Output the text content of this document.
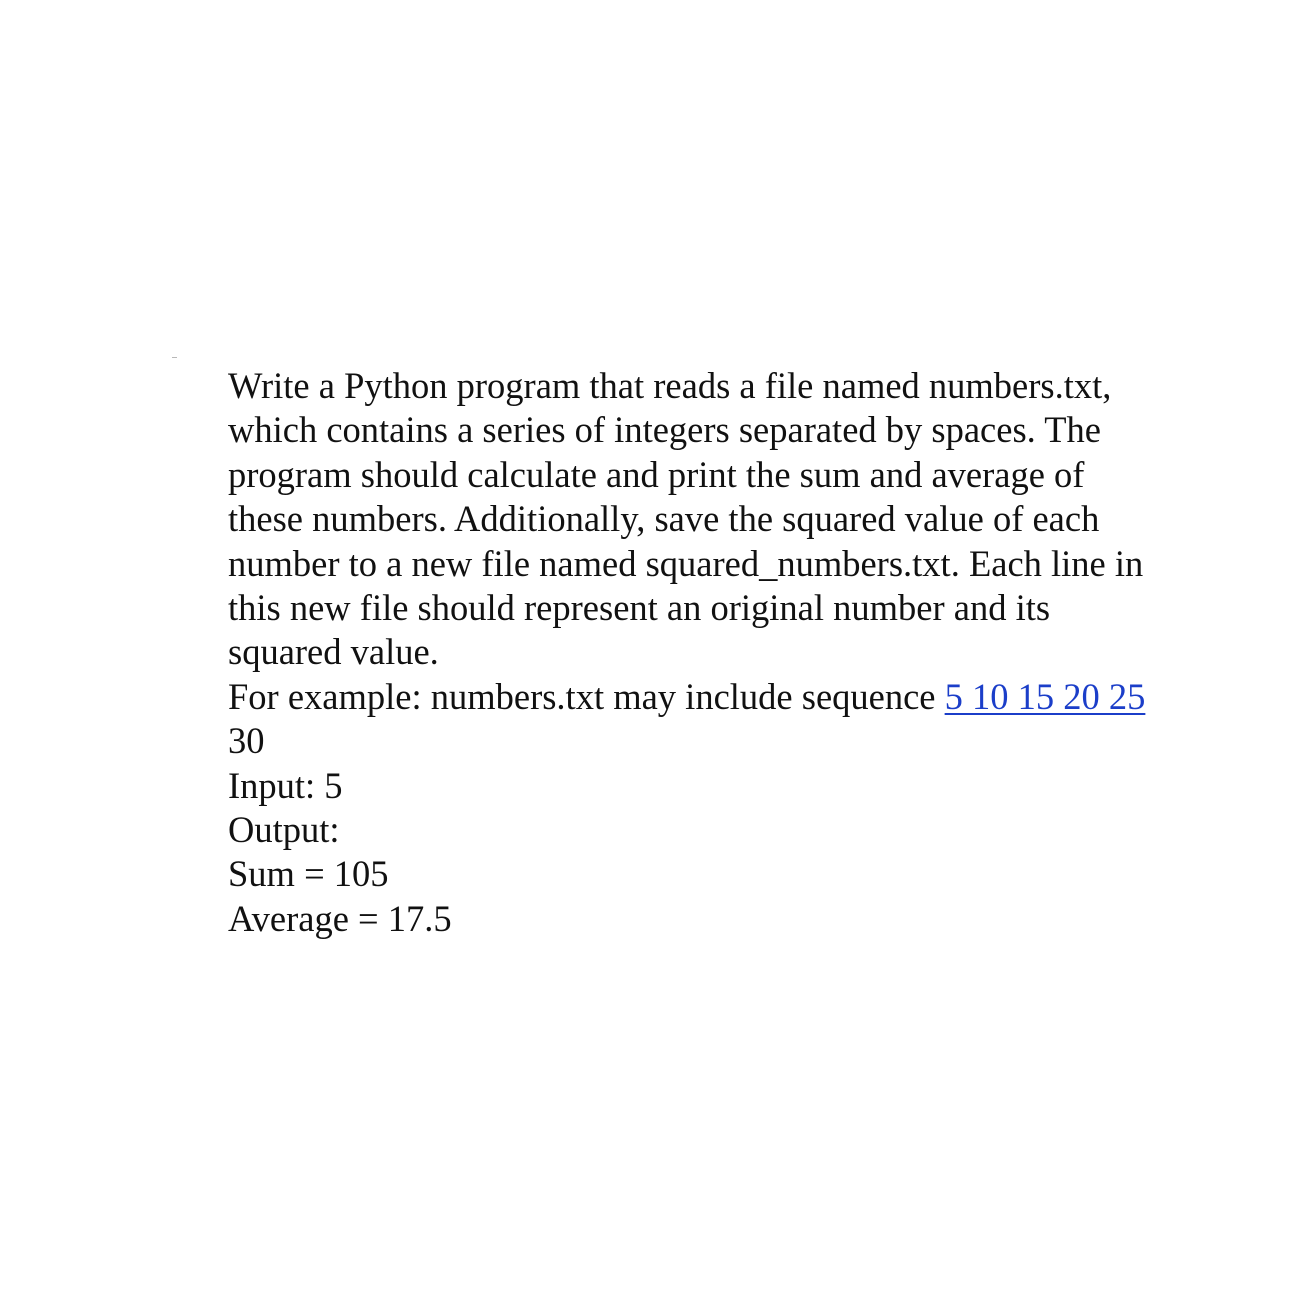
Write a Python program that reads a file named numbers.txt, which contains a series of integers separated by spaces. The program should calculate and print the sum and average of these numbers. Additionally, save the squared value of each number to a new file named squared_numbers.txt. Each line in this new file should represent an original number and its squared value.

For example: numbers.txt may include sequence 5 10 15 20 25 30

Input: 5

Output:

Sum = 105

Average = 17.5
